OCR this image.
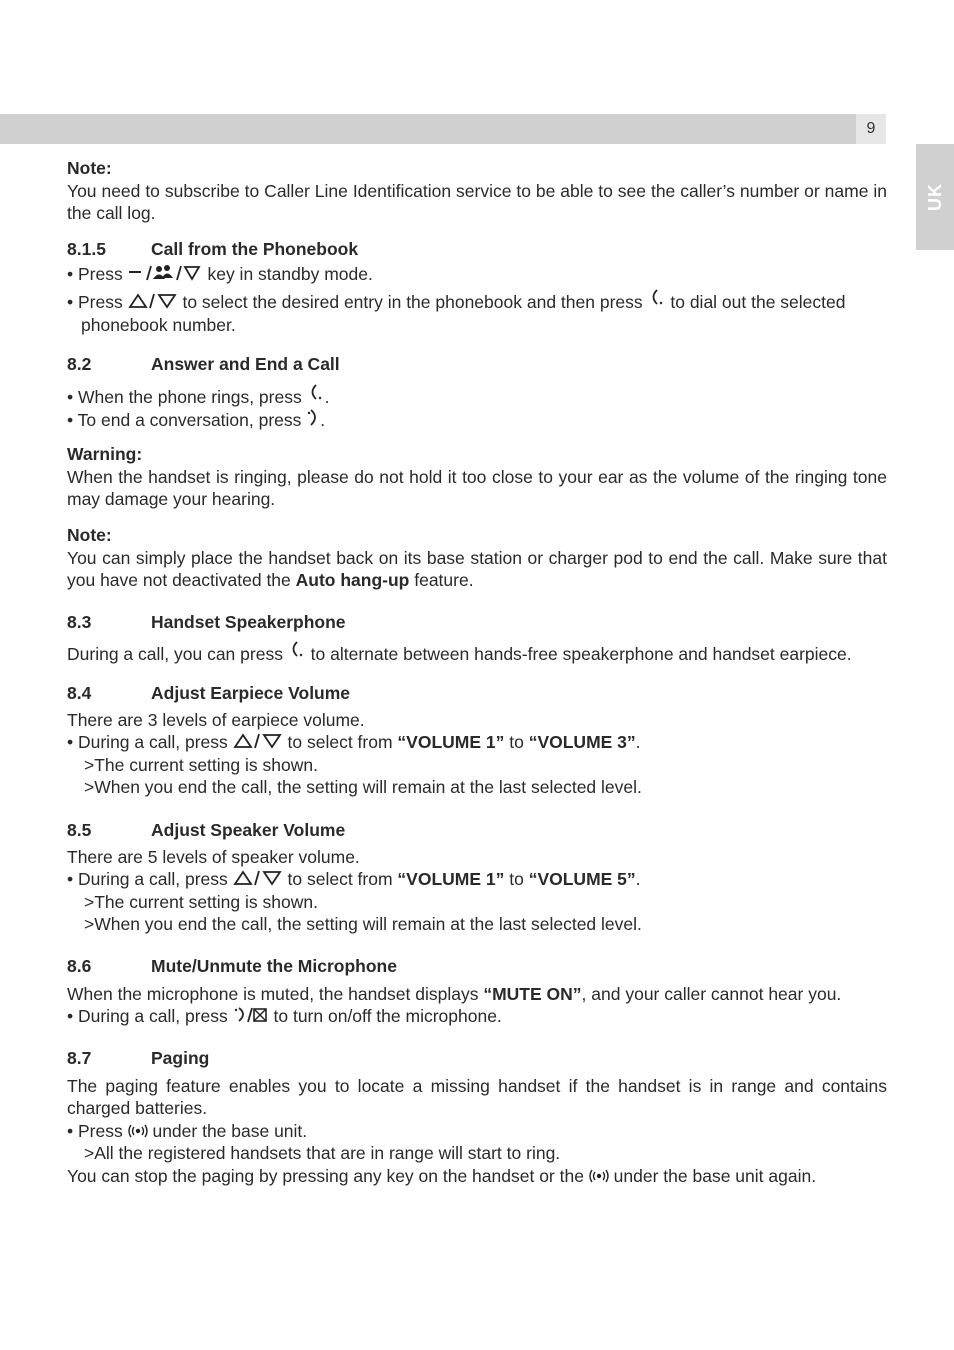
9
UK
Note:
You need to subscribe to Caller Line Identification service to be able to see the caller’s number or name in the call log.
8.1.5	Call from the Phonebook
• Press	key in standby mode.
• Press	to select the desired entry in the phonebook and then press
to dial out the selected phonebook number.
8.2	Answer and End a Call
• When the phone rings, press
.
• To end a conversation, press
.
Warning:
When the handset is ringing, please do not hold it too close to your ear as the volume of the ringing tone may damage your hearing.
Note:
You can simply place the handset back on its base station or charger pod to end the call. Make sure that you have not deactivated the Auto hang-up feature.
8.3	Handset Speakerphone
During a call, you can press
to alternate between hands-free speakerphone and handset earpiece.
8.4	Adjust Earpiece Volume
There are 3 levels of earpiece volume.
• During a call, press	to select from “VOLUME 1” to “VOLUME 3”.
>The current setting is shown.
>When you end the call, the setting will remain at the last selected level.
8.5	Adjust Speaker Volume
There are 5 levels of speaker volume.
• During a call, press	to select from “VOLUME 1” to “VOLUME 5”.
>The current setting is shown.
>When you end the call, the setting will remain at the last selected level.
8.6	Mute/Unmute the Microphone
When the microphone is muted, the handset displays “MUTE ON”, and your caller cannot hear you.
• During a call, press
to turn on/off the microphone.
8.7	Paging
The paging feature enables you to locate a missing handset if the handset is in range and contains charged batteries.
• Press
under the base unit.
>All the registered handsets that are in range will start to ring.
You can stop the paging by pressing any key on the handset or the
under the base unit again.
